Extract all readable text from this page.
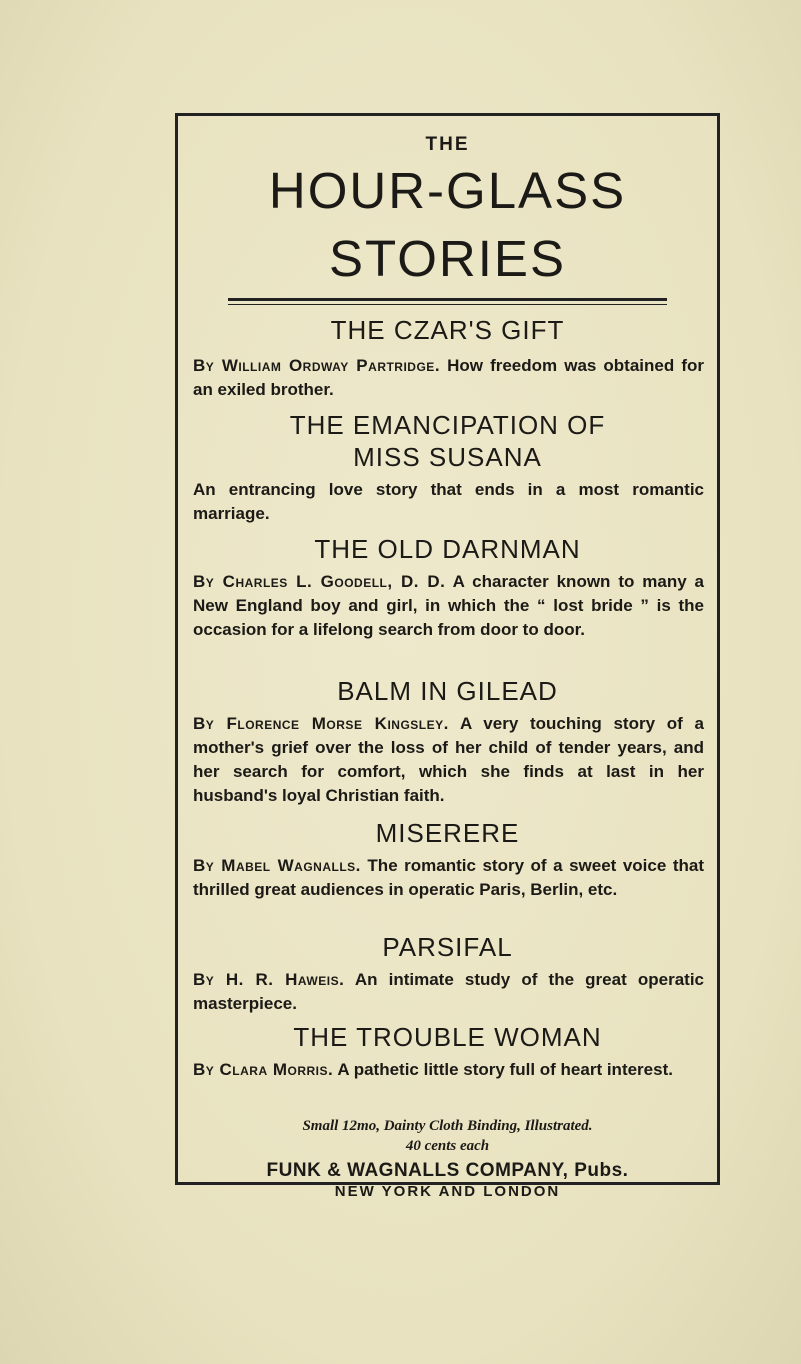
THE

HOUR-GLASS

STORIES

THE CZAR'S GIFT

By William Ordway Partridge. How freedom was obtained for an exiled brother.

THE EMANCIPATION OF

MISS SUSANA

An entrancing love story that ends in a most romantic marriage.

THE OLD DARNMAN

By Charles L. Goodell, D. D. A character known to many a New England boy and girl, in which the “ lost bride ” is the occasion for a lifelong search from door to door.

BALM IN GILEAD

By Florence Morse Kingsley. A very touching story of a mother's grief over the loss of her child of tender years, and her search for comfort, which she finds at last in her husband's loyal Christian faith.

MISERERE

By Mabel Wagnalls. The romantic story of a sweet voice that thrilled great audiences in operatic Paris, Berlin, etc.

PARSIFAL

By H. R. Haweis. An intimate study of the great operatic masterpiece.

THE TROUBLE WOMAN

By Clara Morris. A pathetic little story full of heart interest.

Small 12mo, Dainty Cloth Binding, Illustrated.

40 cents each

FUNK & WAGNALLS COMPANY, Pubs.

NEW YORK AND LONDON
